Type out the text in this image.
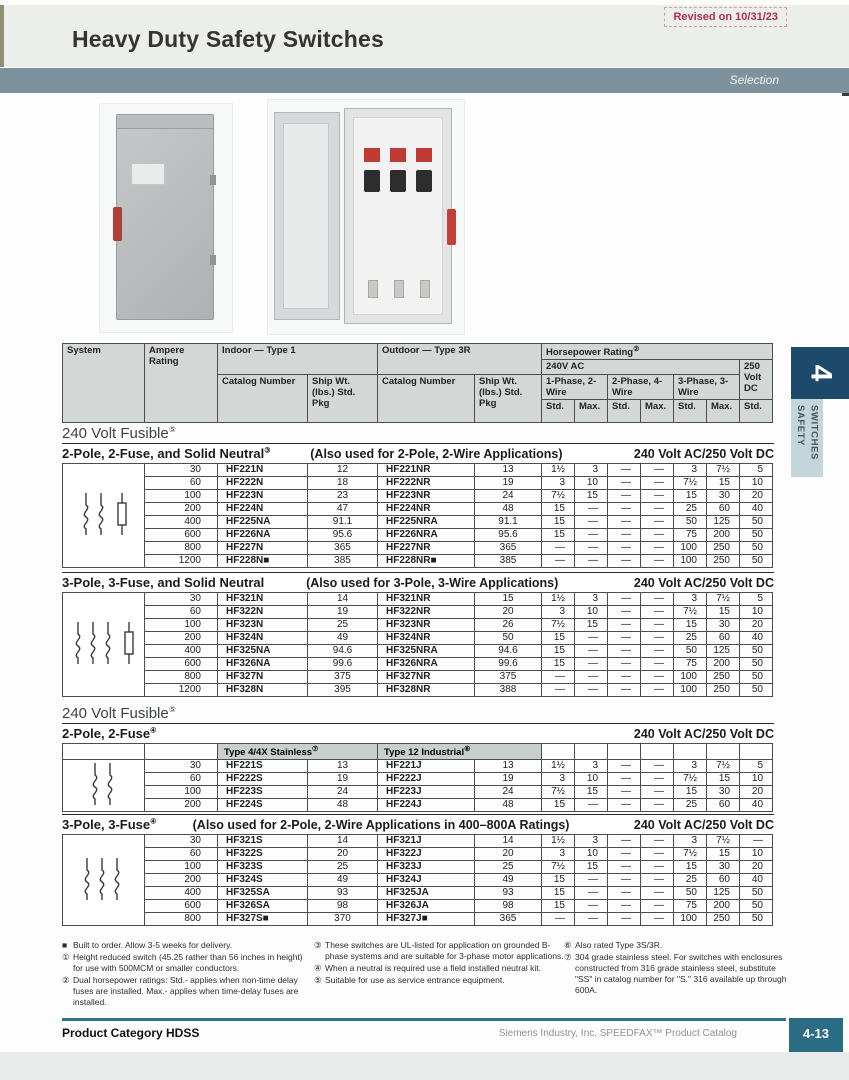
Heavy Duty Safety Switches
Revised on 10/31/23
Selection
4
SAFETY SWITCHES
System	Ampere Rating	Indoor — Type 1		Outdoor — Type 3R		Horsepower Rating②
						240V AC						250 Volt DC
		Catalog Number	Ship Wt. (lbs.) Std. Pkg	Catalog Number	Ship Wt. (lbs.) Std. Pkg	1-Phase, 2-Wire		2-Phase, 4-Wire		3-Phase, 3-Wire		
						Std.	Max.	Std.	Max.	Std.	Max.	Std.
240 Volt Fusible⑤
2-Pole, 2-Fuse, and Solid Neutral③	(Also used for 2-Pole, 2-Wire Applications)	240 Volt AC/250 Volt DC
	30	HF221N	12	HF221NR	13	1½	3	—	—	3	7½	5
	60	HF222N	18	HF222NR	19	3	10	—	—	7½	15	10
	100	HF223N	23	HF223NR	24	7½	15	—	—	15	30	20
	200	HF224N	47	HF224NR	48	15	—	—	—	25	60	40
	400	HF225NA	91.1	HF225NRA	91.1	15	—	—	—	50	125	50
	600	HF226NA	95.6	HF226NRA	95.6	15	—	—	—	75	200	50
	800	HF227N	365	HF227NR	365	—	—	—	—	100	250	50
	1200	HF228N■	385	HF228NR■	385	—	—	—	—	100	250	50
3-Pole, 3-Fuse, and Solid Neutral	(Also used for 3-Pole, 3-Wire Applications)	240 Volt AC/250 Volt DC
	30	HF321N	14	HF321NR	15	1½	3	—	—	3	7½	5
	60	HF322N	19	HF322NR	20	3	10	—	—	7½	15	10
	100	HF323N	25	HF323NR	26	7½	15	—	—	15	30	20
	200	HF324N	49	HF324NR	50	15	—	—	—	25	60	40
	400	HF325NA	94.6	HF325NRA	94.6	15	—	—	—	50	125	50
	600	HF326NA	99.6	HF326NRA	99.6	15	—	—	—	75	200	50
	800	HF327N	375	HF327NR	375	—	—	—	—	100	250	50
	1200	HF328N	395	HF328NR	388	—	—	—	—	100	250	50
240 Volt Fusible⑤
2-Pole, 2-Fuse④	240 Volt AC/250 Volt DC
		Type 4/4X Stainless⑦		Type 12 Industrial⑥							
	30	HF221S	13	HF221J	13	1½	3	—	—	3	7½	5
	60	HF222S	19	HF222J	19	3	10	—	—	7½	15	10
	100	HF223S	24	HF223J	24	7½	15	—	—	15	30	20
	200	HF224S	48	HF224J	48	15	—	—	—	25	60	40
3-Pole, 3-Fuse④	(Also used for 2-Pole, 2-Wire Applications in 400–800A Ratings)	240 Volt AC/250 Volt DC
	30	HF321S	14	HF321J	14	1½	3	—	—	3	7½	—
	60	HF322S	20	HF322J	20	3	10	—	—	7½	15	10
	100	HF323S	25	HF323J	25	7½	15	—	—	15	30	20
	200	HF324S	49	HF324J	49	15	—	—	—	25	60	40
	400	HF325SA	93	HF325JA	93	15	—	—	—	50	125	50
	600	HF326SA	98	HF326JA	98	15	—	—	—	75	200	50
	800	HF327S■	370	HF327J■	365	—	—	—	—	100	250	50
■ Built to order. Allow 3-5 weeks for delivery.
① Height reduced switch (45.25 rather than 56 inches in height) for use with 500MCM or smaller conductors.
② Dual horsepower ratings: Std.- applies when non-time delay fuses are installed. Max.- applies when time-delay fuses are installed.
③ These switches are UL-listed for application on grounded B-phase systems and are suitable for 3-phase motor applications.
④ When a neutral is required use a field installed neutral kit.
⑤ Suitable for use as service entrance equipment.
⑥ Also rated Type 3S/3R.
⑦ 304 grade stainless steel. For switches with enclosures constructed from 316 grade stainless steel, substitute "SS" in catalog number for "S." 316 available up through 600A.
Product Category HDSS	Siemens Industry, Inc. SPEEDFAX™ Product Catalog	4-13
